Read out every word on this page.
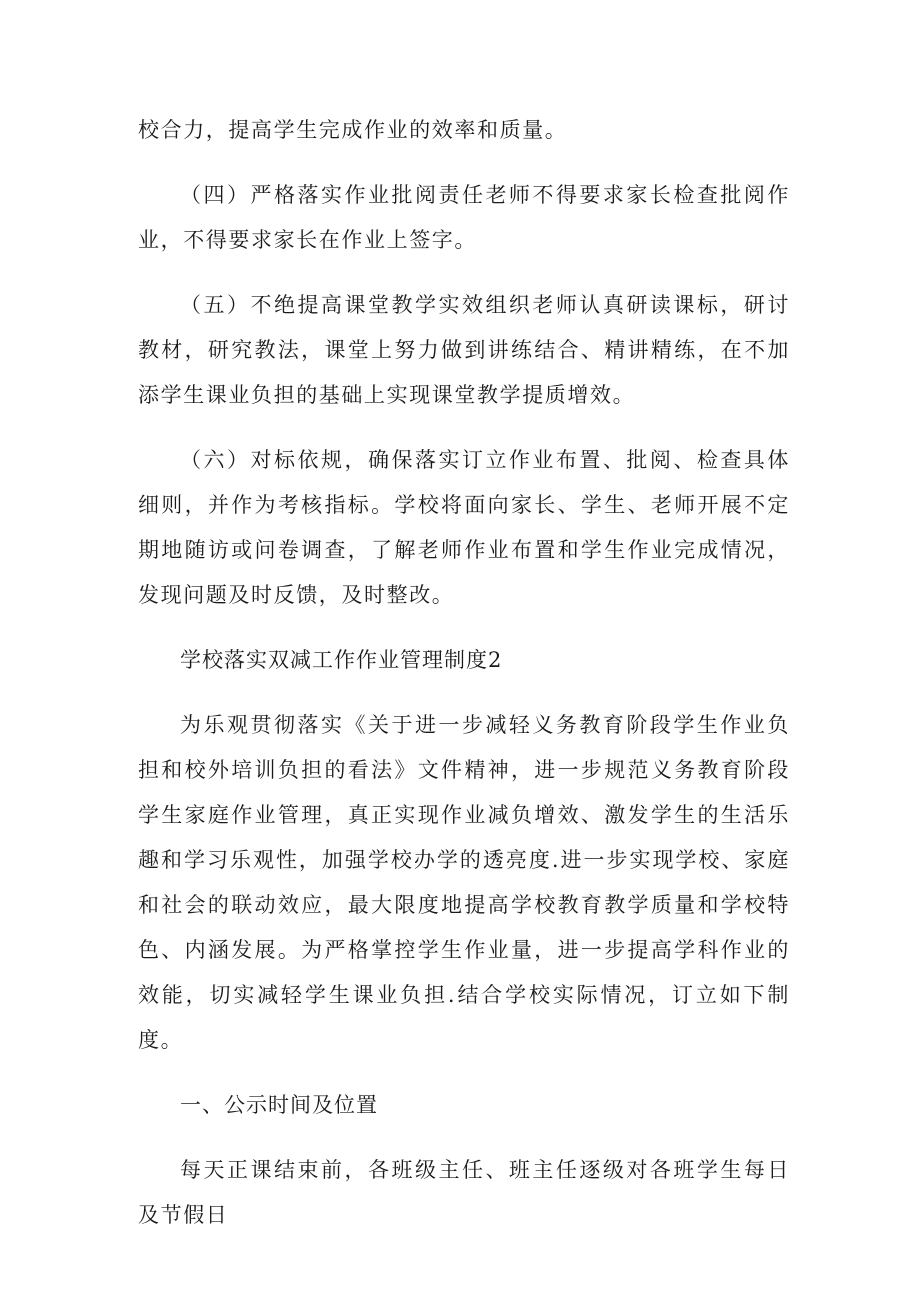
校合力，提高学生完成作业的效率和质量。

（四）严格落实作业批阅责任老师不得要求家长检查批阅作业，不得要求家长在作业上签字。

（五）不绝提高课堂教学实效组织老师认真研读课标，研讨教材，研究教法，课堂上努力做到讲练结合、精讲精练，在不加添学生课业负担的基础上实现课堂教学提质增效。

（六）对标依规，确保落实订立作业布置、批阅、检查具体细则，并作为考核指标。学校将面向家长、学生、老师开展不定期地随访或问卷调查，了解老师作业布置和学生作业完成情况，发现问题及时反馈，及时整改。

学校落实双减工作作业管理制度2

为乐观贯彻落实《关于进一步减轻义务教育阶段学生作业负担和校外培训负担的看法》文件精神，进一步规范义务教育阶段学生家庭作业管理，真正实现作业减负增效、激发学生的生活乐趣和学习乐观性，加强学校办学的透亮度.进一步实现学校、家庭和社会的联动效应，最大限度地提高学校教育教学质量和学校特色、内涵发展。为严格掌控学生作业量，进一步提高学科作业的效能，切实减轻学生课业负担.结合学校实际情况，订立如下制度。

一、公示时间及位置

每天正课结束前，各班级主任、班主任逐级对各班学生每日及节假日
